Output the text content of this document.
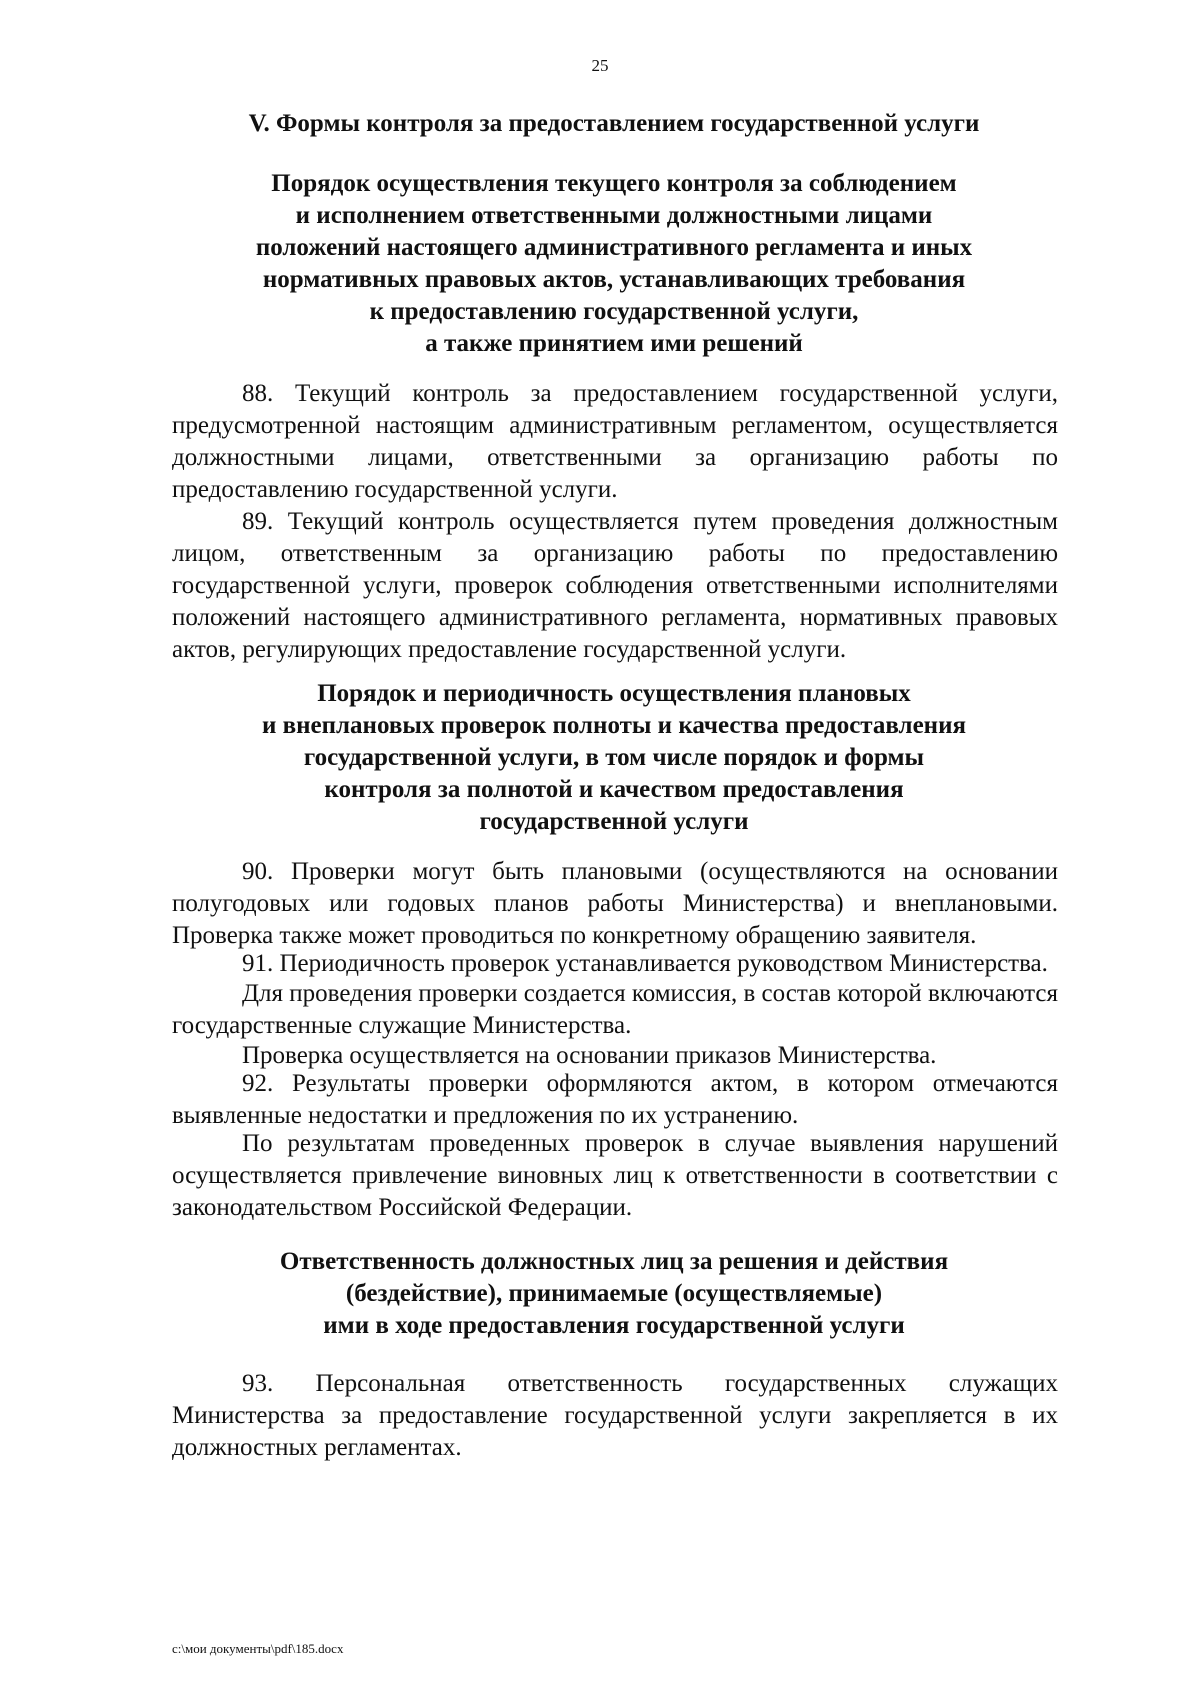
25
V. Формы контроля за предоставлением государственной услуги
Порядок осуществления текущего контроля за соблюдением
и исполнением ответственными должностными лицами
положений настоящего административного регламента и иных
нормативных правовых актов, устанавливающих требования
к предоставлению государственной услуги,
а также принятием ими решений

88. Текущий контроль за предоставлением государственной услуги, предусмотренной настоящим административным регламентом, осуществляется должностными лицами, ответственными за организацию работы по предоставлению государственной услуги.

89. Текущий контроль осуществляется путем проведения должностным лицом, ответственным за организацию работы по предоставлению государственной услуги, проверок соблюдения ответственными исполнителями положений настоящего административного регламента, нормативных правовых актов, регулирующих предоставление государственной услуги.

Порядок и периодичность осуществления плановых
и внеплановых проверок полноты и качества предоставления
государственной услуги, в том числе порядок и формы
контроля за полнотой и качеством предоставления
государственной услуги

90. Проверки могут быть плановыми (осуществляются на основании полугодовых или годовых планов работы Министерства) и внеплановыми. Проверка также может проводиться по конкретному обращению заявителя.

91. Периодичность проверок устанавливается руководством Министерства.

Для проведения проверки создается комиссия, в состав которой включаются государственные служащие Министерства.

Проверка осуществляется на основании приказов Министерства.

92. Результаты проверки оформляются актом, в котором отмечаются выявленные недостатки и предложения по их устранению.

По результатам проведенных проверок в случае выявления нарушений осуществляется привлечение виновных лиц к ответственности в соответствии с законодательством Российской Федерации.

Ответственность должностных лиц за решения и действия
(бездействие), принимаемые (осуществляемые)
ими в ходе предоставления государственной услуги

93. Персональная ответственность государственных служащих Министерства за предоставление государственной услуги закрепляется в их должностных регламентах.

c:\мои документы\pdf\185.docx
